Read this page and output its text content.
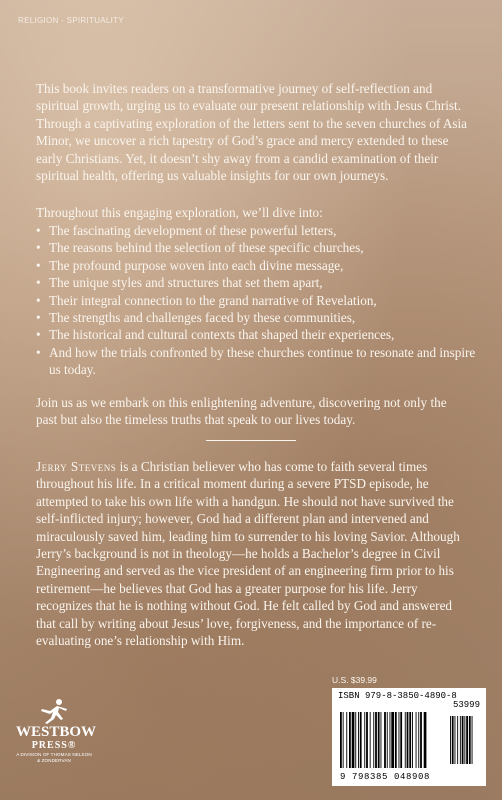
RELIGION - SPIRITUALITY

This book invites readers on a transformative journey of self-reflection and spiritual growth, urging us to evaluate our present relationship with Jesus Christ. Through a captivating exploration of the letters sent to the seven churches of Asia Minor, we uncover a rich tapestry of God’s grace and mercy extended to these early Christians. Yet, it doesn’t shy away from a candid examination of their spiritual health, offering us valuable insights for our own journeys.

Throughout this engaging exploration, we’ll dive into:

• The fascinating development of these powerful letters,
• The reasons behind the selection of these specific churches,
• The profound purpose woven into each divine message,
• The unique styles and structures that set them apart,
• Their integral connection to the grand narrative of Revelation,
• The strengths and challenges faced by these communities,
• The historical and cultural contexts that shaped their experiences,
• And how the trials confronted by these churches continue to resonate and inspire us today.

Join us as we embark on this enlightening adventure, discovering not only the past but also the timeless truths that speak to our lives today.

Jerry Stevens is a Christian believer who has come to faith several times throughout his life. In a critical moment during a severe PTSD episode, he attempted to take his own life with a handgun. He should not have survived the self-inflicted injury; however, God had a different plan and intervened and miraculously saved him, leading him to surrender to his loving Savior. Although Jerry’s background is not in theology—he holds a Bachelor’s degree in Civil Engineering and served as the vice president of an engineering firm prior to his retirement—he believes that God has a greater purpose for his life. Jerry recognizes that he is nothing without God. He felt called by God and answered that call by writing about Jesus’ love, forgiveness, and the importance of re-evaluating one’s relationship with Him.

WESTBOW
PRESS®
A DIVISION OF THOMAS NELSON & ZONDERVAN
U.S. $39.99
ISBN 979-8-3850-4890-8
53999
9 798385 048908
